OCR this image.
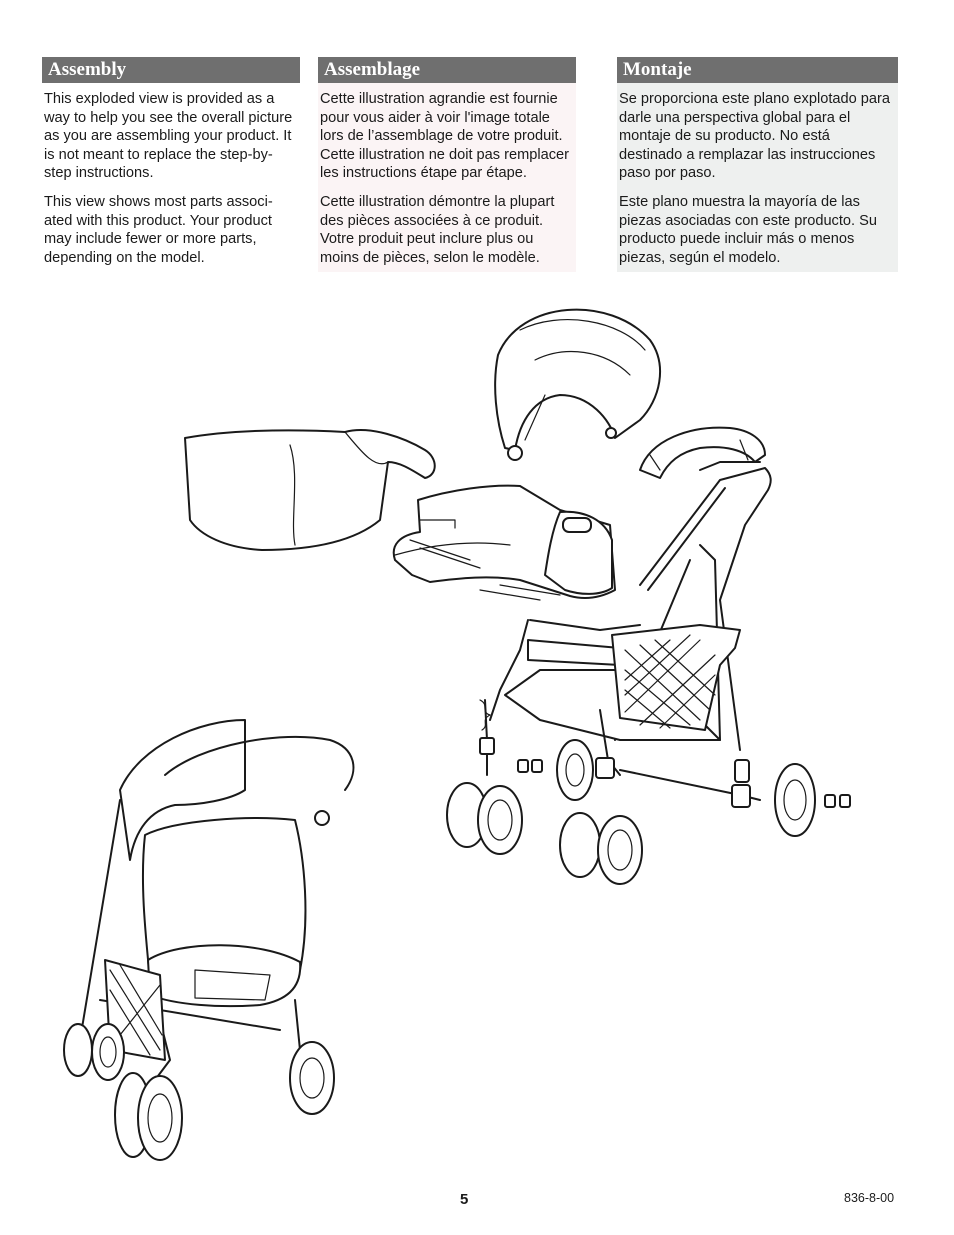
Assembly

This exploded view is provided as a way to help you see the overall picture as you are assembling your product. It is not meant to replace the step-by-step instructions.

This view shows most parts associ-ated with this product. Your product may include fewer or more parts, depending on the model.

Assemblage

Cette illustration agrandie est fournie pour vous aider à voir l'image totale lors de l’assemblage de votre produit. Cette illustration ne doit pas remplacer les instructions étape par étape.

Cette illustration démontre la plupart des pièces associées à ce produit. Votre produit peut inclure plus ou moins de pièces, selon le modèle.

Montaje

Se proporciona este plano explotado para darle una perspectiva global para el montaje de su producto. No está destinado a remplazar las instrucciones paso por paso.

Este plano muestra la mayoría de las piezas asociadas con este producto. Su producto puede incluir más o menos piezas, según el modelo.

5	836-8-00
